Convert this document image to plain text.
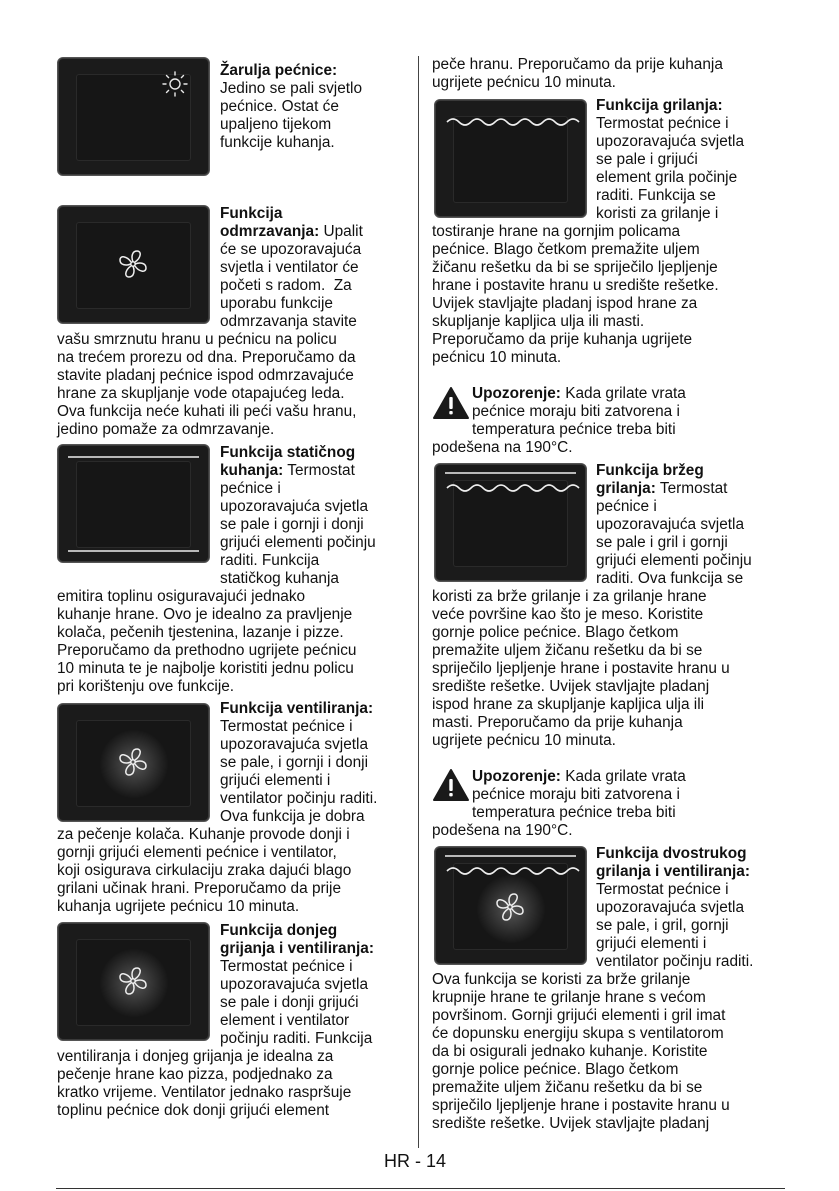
Žarulja pećnice:
Jedino se pali svjetlo
pećnice. Ostat će
upaljeno tijekom
funkcije kuhanja.
Funkcija
odmrzavanja: Upalit
će se upozoravajuća
svjetla i ventilator će
početi s radom.  Za
uporabu funkcije
odmrzavanja stavite
vašu smrznutu hranu u pećnicu na policu
na trećem prorezu od dna. Preporučamo da
stavite pladanj pećnice ispod odmrzavajuće
hrane za skupljanje vode otapajućeg leda.
Ova funkcija neće kuhati ili peći vašu hranu,
jedino pomaže za odmrzavanje.
Funkcija statičnog
kuhanja: Termostat
pećnice i
upozoravajuća svjetla
se pale i gornji i donji
grijući elementi počinju
raditi. Funkcija
statičkog kuhanja
emitira toplinu osiguravajući jednako
kuhanje hrane. Ovo je idealno za pravljenje
kolača, pečenih tjestenina, lazanje i pizze.
Preporučamo da prethodno ugrijete pećnicu
10 minuta te je najbolje koristiti jednu policu
pri korištenju ove funkcije.
Funkcija ventiliranja:
Termostat pećnice i
upozoravajuća svjetla
se pale, i gornji i donji
grijući elementi i
ventilator počinju raditi.
Ova funkcija je dobra
za pečenje kolača. Kuhanje provode donji i
gornji grijući elementi pećnice i ventilator,
koji osigurava cirkulaciju zraka dajući blago
grilani učinak hrani. Preporučamo da prije
kuhanja ugrijete pećnicu 10 minuta.
Funkcija donjeg
grijanja i ventiliranja:
Termostat pećnice i
upozoravajuća svjetla
se pale i donji grijući
element i ventilator
počinju raditi. Funkcija
ventiliranja i donjeg grijanja je idealna za
pečenje hrane kao pizza, podjednako za
kratko vrijeme. Ventilator jednako raspršuje
toplinu pećnice dok donji grijući element
peče hranu. Preporučamo da prije kuhanja
ugrijete pećnicu 10 minuta.
Funkcija grilanja:
Termostat pećnice i
upozoravajuća svjetla
se pale i grijući
element grila počinje
raditi. Funkcija se
koristi za grilanje i
tostiranje hrane na gornjim policama
pećnice. Blago četkom premažite uljem
žičanu rešetku da bi se spriječilo ljepljenje
hrane i postavite hranu u središte rešetke.
Uvijek stavljajte pladanj ispod hrane za
skupljanje kapljica ulja ili masti.
Preporučamo da prije kuhanja ugrijete
pećnicu 10 minuta.
Upozorenje: Kada grilate vrata
pećnice moraju biti zatvorena i
temperatura pećnice treba biti
podešena na 190°C.
Funkcija bržeg
grilanja: Termostat
pećnice i
upozoravajuća svjetla
se pale i gril i gornji
grijući elementi počinju
raditi. Ova funkcija se
koristi za brže grilanje i za grilanje hrane
veće površine kao što je meso. Koristite
gornje police pećnice. Blago četkom
premažite uljem žičanu rešetku da bi se
spriječilo ljepljenje hrane i postavite hranu u
središte rešetke. Uvijek stavljajte pladanj
ispod hrane za skupljanje kapljica ulja ili
masti. Preporučamo da prije kuhanja
ugrijete pećnicu 10 minuta.
Upozorenje: Kada grilate vrata
pećnice moraju biti zatvorena i
temperatura pećnice treba biti
podešena na 190°C.
Funkcija dvostrukog
grilanja i ventiliranja:
Termostat pećnice i
upozoravajuća svjetla
se pale, i gril, gornji
grijući elementi i
ventilator počinju raditi.
Ova funkcija se koristi za brže grilanje
krupnije hrane te grilanje hrane s većom
površinom. Gornji grijući elementi i gril imat
će dopunsku energiju skupa s ventilatorom
da bi osigurali jednako kuhanje. Koristite
gornje police pećnice. Blago četkom
premažite uljem žičanu rešetku da bi se
spriječilo ljepljenje hrane i postavite hranu u
središte rešetke. Uvijek stavljajte pladanj
HR - 14
